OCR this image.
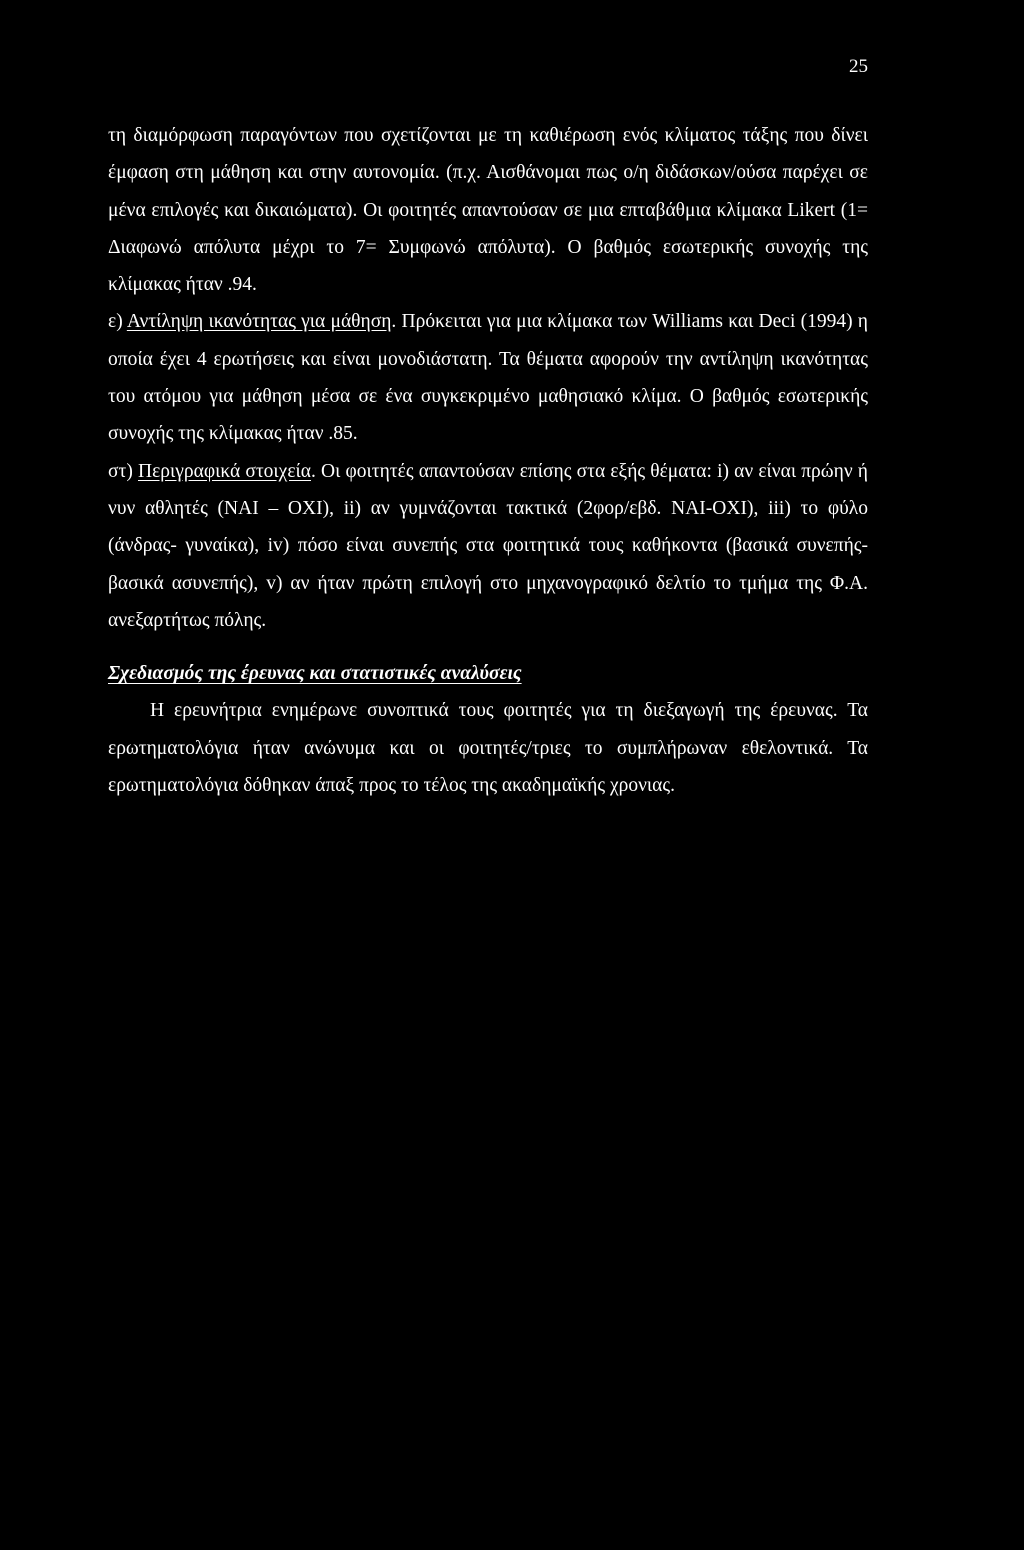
25

τη διαμόρφωση παραγόντων που σχετίζονται με τη καθιέρωση ενός κλίματος τάξης που δίνει έμφαση στη μάθηση και στην αυτονομία. (π.χ. Αισθάνομαι πως ο/η διδάσκων/ούσα παρέχει σε μένα επιλογές και δικαιώματα). Οι φοιτητές απαντούσαν σε μια επταβάθμια κλίμακα Likert (1= Διαφωνώ απόλυτα μέχρι το 7= Συμφωνώ απόλυτα). Ο βαθμός εσωτερικής συνοχής της κλίμακας ήταν .94.

ε) Αντίληψη ικανότητας για μάθηση. Πρόκειται για μια κλίμακα των Williams και Deci (1994) η οποία έχει 4 ερωτήσεις και είναι μονοδιάστατη. Τα θέματα αφορούν την αντίληψη ικανότητας του ατόμου για μάθηση μέσα σε ένα συγκεκριμένο μαθησιακό κλίμα. Ο βαθμός εσωτερικής συνοχής της κλίμακας ήταν .85.

στ) Περιγραφικά στοιχεία. Οι φοιτητές απαντούσαν επίσης στα εξής θέματα: i) αν είναι πρώην ή νυν αθλητές (ΝΑΙ – ΟΧΙ), ii) αν γυμνάζονται τακτικά (2φορ/εβδ. ΝΑΙ-ΟΧΙ), iii) το φύλο (άνδρας- γυναίκα), iv) πόσο είναι συνεπής στα φοιτητικά τους καθήκοντα (βασικά συνεπής- βασικά ασυνεπής), v) αν ήταν πρώτη επιλογή στο μηχανογραφικό δελτίο το τμήμα της Φ.Α. ανεξαρτήτως πόλης.

Σχεδιασμός της έρευνας και στατιστικές αναλύσεις

Η ερευνήτρια ενημέρωνε συνοπτικά τους φοιτητές για τη διεξαγωγή της έρευνας. Τα ερωτηματολόγια ήταν ανώνυμα και οι φοιτητές/τριες το συμπλήρωναν εθελοντικά. Τα ερωτηματολόγια δόθηκαν άπαξ προς το τέλος της ακαδημαϊκής χρονιας.
